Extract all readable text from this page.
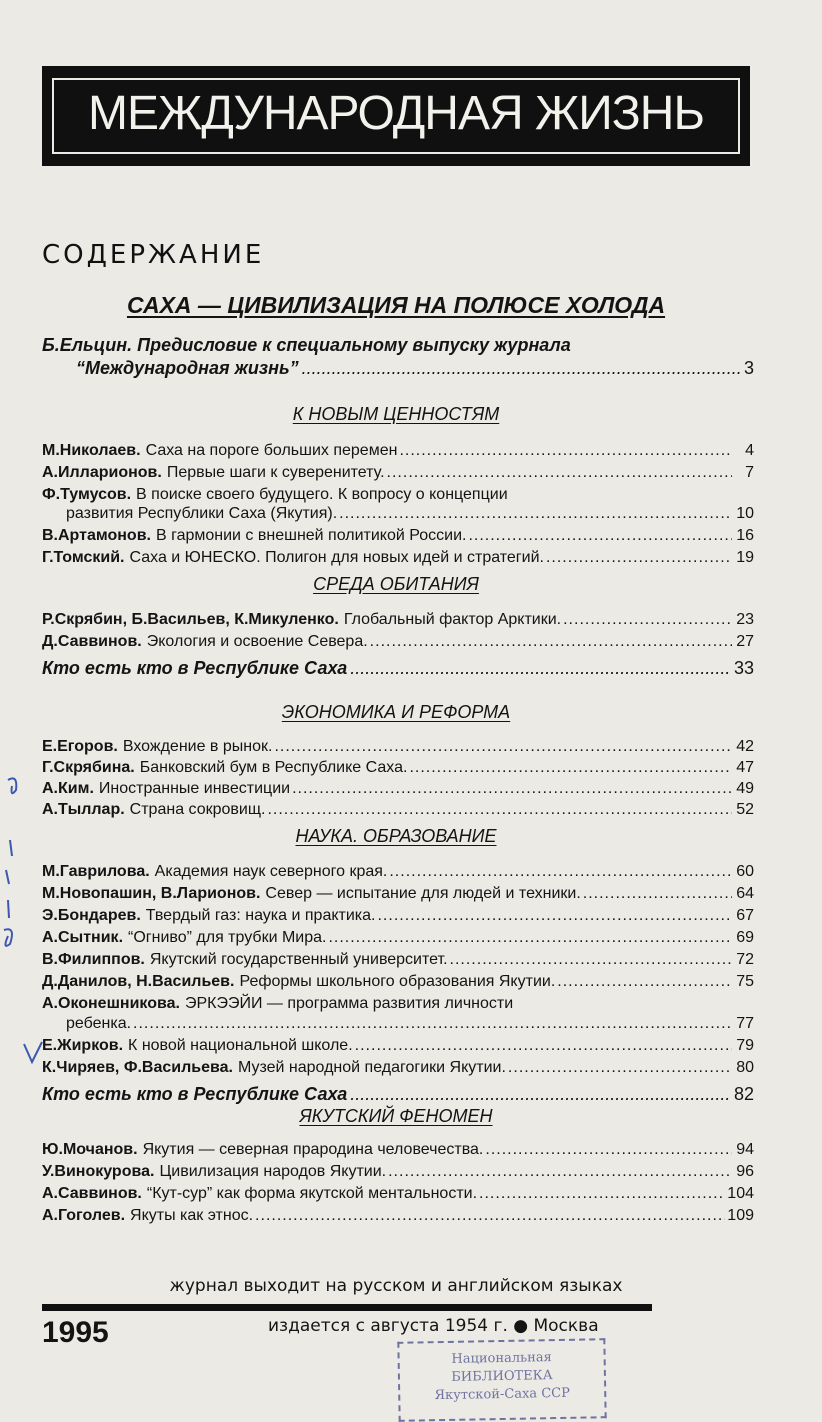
МЕЖДУНАРОДНАЯ ЖИЗНЬ
СОДЕРЖАНИЕ
САХА — ЦИВИЛИЗАЦИЯ НА ПОЛЮСЕ ХОЛОДА
Б.Ельцин. Предисловие к специальному выпуску журнала
“Международная жизнь” .....	3
К НОВЫМ ЦЕННОСТЯМ
М.Николаев. Саха на пороге больших перемен .....	4
А.Илларионов. Первые шаги к суверенитету. .....	7
Ф.Тумусов. В поиске своего будущего. К вопросу о концепции
развития Республики Саха (Якутия). .....	10
В.Артамонов. В гармонии с внешней политикой России. .....	16
Г.Томский. Саха и ЮНЕСКО. Полигон для новых идей и стратегий. .....	19
СРЕДА ОБИТАНИЯ
Р.Скрябин, Б.Васильев, К.Микуленко. Глобальный фактор Арктики. .....	23
Д.Саввинов. Экология и освоение Севера. .....	27
Кто есть кто в Республике Саха .....	33
ЭКОНОМИКА И РЕФОРМА
Е.Егоров. Вхождение в рынок. .....	42
Г.Скрябина. Банковский бум в Республике Саха. .....	47
А.Ким. Иностранные инвестиции .....	49
А.Тыллар. Страна сокровищ. .....	52
НАУКА. ОБРАЗОВАНИЕ
М.Гаврилова. Академия наук северного края. .....	60
М.Новопашин, В.Ларионов. Север — испытание для людей и техники. .....	64
Э.Бондарев. Твердый газ: наука и практика. .....	67
А.Сытник. “Огниво” для трубки Мира. .....	69
В.Филиппов. Якутский государственный университет. .....	72
Д.Данилов, Н.Васильев. Реформы школьного образования Якутии. .....	75
А.Оконешникова. ЭРКЭЭЙИ — программа развития личности
ребенка. .....	77
Е.Жирков. К новой национальной школе. .....	79
К.Чиряев, Ф.Васильева. Музей народной педагогики Якутии. .....	80
Кто есть кто в Республике Саха .....	82
ЯКУТСКИЙ ФЕНОМЕН
Ю.Мочанов. Якутия — северная прародина человечества. .....	94
У.Винокурова. Цивилизация народов Якутии. .....	96
А.Саввинов. “Кут-сур” как форма якутской ментальности. .....	104
А.Гоголев. Якуты как этнос. .....	109
журнал выходит на русском и английском языках
1995	издается с августа 1954 г. ● Москва
Национальная
БИБЛИОТЕКА
Якутской-Саха ССР
